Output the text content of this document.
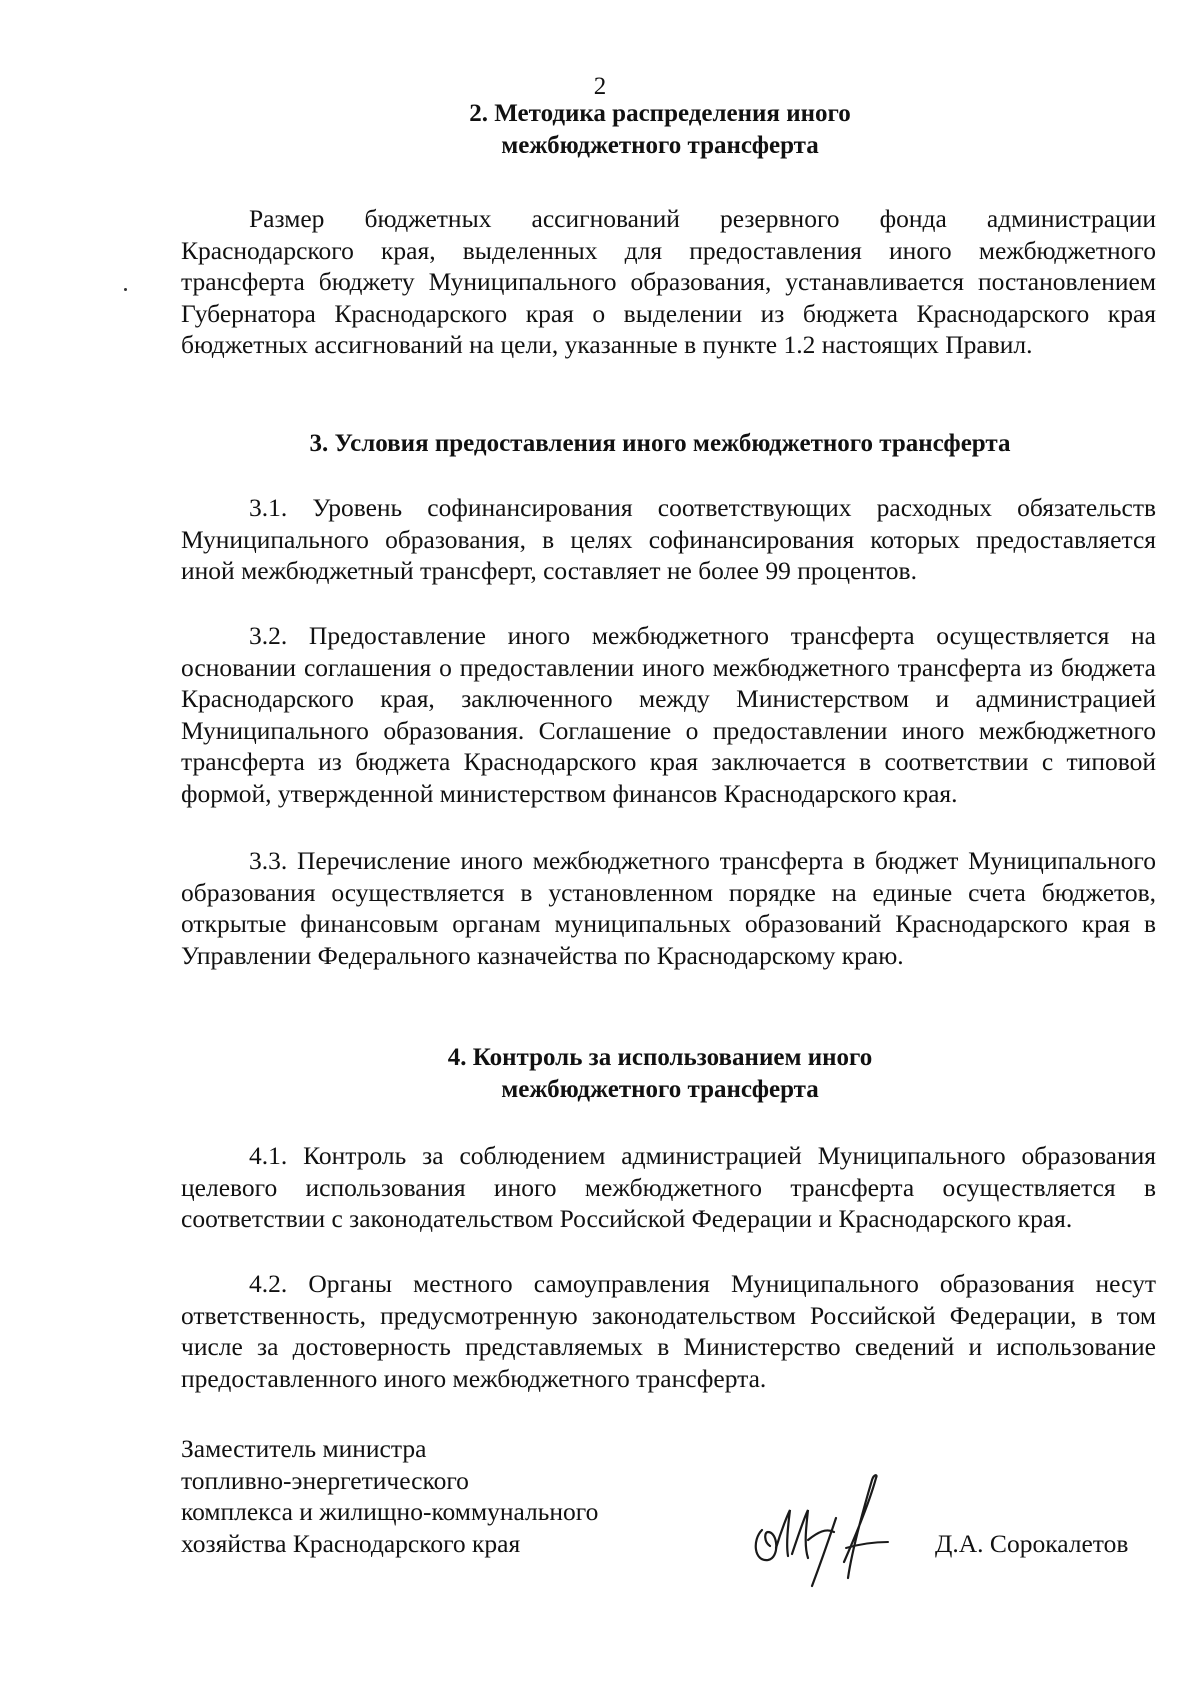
2
2. Методика распределения иного
межбюджетного трансферта
Размер бюджетных ассигнований резервного фонда администрации Краснодарского края, выделенных для предоставления иного межбюджетного трансферта бюджету Муниципального образования, устанавливается постановлением Губернатора Краснодарского края о выделении из бюджета Краснодарского края бюджетных ассигнований на цели, указанные в пункте 1.2 настоящих Правил.
3. Условия предоставления иного межбюджетного трансферта
3.1. Уровень софинансирования соответствующих расходных обязательств Муниципального образования, в целях софинансирования которых предоставляется иной межбюджетный трансферт, составляет не более 99 процентов.
3.2. Предоставление иного межбюджетного трансферта осуществляется на основании соглашения о предоставлении иного межбюджетного трансферта из бюджета Краснодарского края, заключенного между Министерством и администрацией Муниципального образования. Соглашение о предоставлении иного межбюджетного трансферта из бюджета Краснодарского края заключается в соответствии с типовой формой, утвержденной министерством финансов Краснодарского края.
3.3. Перечисление иного межбюджетного трансферта в бюджет Муниципального образования осуществляется в установленном порядке на единые счета бюджетов, открытые финансовым органам муниципальных образований Краснодарского края в Управлении Федерального казначейства по Краснодарскому краю.
4. Контроль за использованием иного
межбюджетного трансферта
4.1. Контроль за соблюдением администрацией Муниципального образования целевого использования иного межбюджетного трансферта осуществляется в соответствии с законодательством Российской Федерации и Краснодарского края.
4.2. Органы местного самоуправления Муниципального образования несут ответственность, предусмотренную законодательством Российской Федерации, в том числе за достоверность представляемых в Министерство сведений и использование предоставленного иного межбюджетного трансферта.
Заместитель министра
топливно-энергетического
комплекса и жилищно-коммунального
хозяйства Краснодарского края	Д.А. Сорокалетов
